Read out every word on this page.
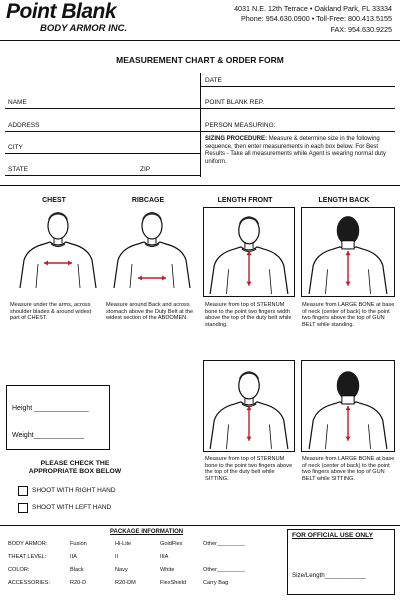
Point Blank
BODY ARMOR INC.
4031 N.E. 12th Terrace • Oakland Park, FL 33334
Phone: 954.630.0900 • Toll-Free: 800.413.5155
FAX: 954.630.9225
MEASUREMENT CHART & ORDER FORM
DATE
NAME	POINT BLANK REP.
ADDRESS	PERSON MEASURING:
SIZING PROCEDURE: Measure & determine size in the following sequence, then enter measurements in each box below. For Best Results - Take all measurements while Agent is wearing normal duty uniform.
CITY
STATE	ZIP
CHEST	RIBCAGE	LENGTH FRONT	LENGTH BACK
Measure under the arms, across shoulder blades & around widest part of CHEST.
Measure around Back and across stomach above the Duty Belt at the widest section of the ABDOMEN.
Measure from top of STERNUM bone to the point two fingers width above the top of the duty belt while standing.
Measure from LARGE BONE at base of neck (center of back) to the point two fingers above the top of GUN BELT while standing.
Measure from top of STERNUM bone to the point two fingers above the top of the duty belt while SITTING.
Measure from LARGE BONE at base of neck (center of back) to the point two fingers above the top of GUN BELT while SITTING.
Height ______________
Weight_____________
PLEASE CHECK THE APPROPRIATE BOX BELOW
SHOOT WITH RIGHT HAND
SHOOT WITH LEFT HAND
PACKAGE INFORMATION
BODY ARMOR:	Fusion	Hi-Lite	GoldFlex	Other_________
THEAT LEVEL:	IIA	II	IIIA
COLOR:	Black	Navy	White	Other_________
ACCESSORIES:	R20-D	R20-DM	FlexShield	Carry Bag
FOR OFFICIAL USE ONLY
Size/Length____________
